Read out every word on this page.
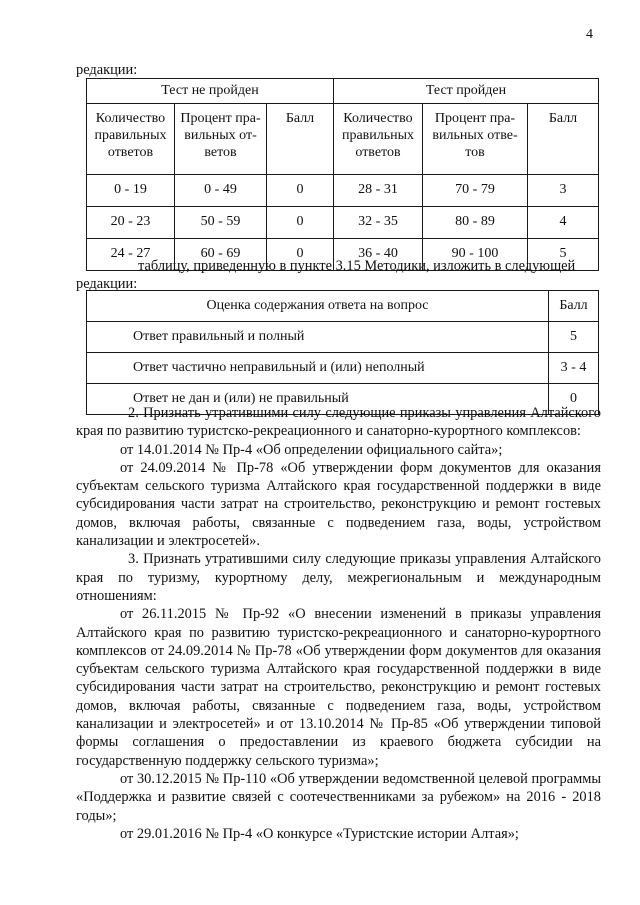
4
редакции:
Тест не пройден			Тест пройден		
Количество правильных ответов	Процент пра- вильных от- ветов	Балл	Количество правильных ответов	Процент пра- вильных отве- тов	Балл
0 - 19	0 - 49	0	28 - 31	70 - 79	3
20 - 23	50 - 59	0	32 - 35	80 - 89	4
24 - 27	60 - 69	0	36 - 40	90 - 100	5
таблицу, приведенную в пункте 3.15 Методики, изложить в следующей
редакции:
Оценка содержания ответа на вопрос	Балл
Ответ правильный и полный	5
Ответ частично неправильный и (или) неполный	3 - 4
Ответ не дан и (или) не правильный	0

2. Признать утратившими силу следующие приказы управления Алтайского края по развитию туристско-рекреационного и санаторно-курортного комплексов:

от 14.01.2014 № Пр-4 «Об определении официального сайта»;

от 24.09.2014 № Пр-78 «Об утверждении форм документов для оказания субъектам сельского туризма Алтайского края государственной поддержки в виде субсидирования части затрат на строительство, реконструкцию и ремонт гостевых домов, включая работы, связанные с подведением газа, воды, устройством канализации и электросетей».

3. Признать утратившими силу следующие приказы управления Алтайского края по туризму, курортному делу, межрегиональным и международным отношениям:

от 26.11.2015 № Пр-92 «О внесении изменений в приказы управления Алтайского края по развитию туристско-рекреационного и санаторно-курортного комплексов от 24.09.2014 № Пр-78 «Об утверждении форм документов для оказания субъектам сельского туризма Алтайского края государственной поддержки в виде субсидирования части затрат на строительство, реконструкцию и ремонт гостевых домов, включая работы, связанные с подведением газа, воды, устройством канализации и электросетей» и от 13.10.2014 № Пр-85 «Об утверждении типовой формы соглашения о предоставлении из краевого бюджета субсидии на государственную поддержку сельского туризма»;

от 30.12.2015 № Пр-110 «Об утверждении ведомственной целевой программы «Поддержка и развитие связей с соотечественниками за рубежом» на 2016 - 2018 годы»;

от 29.01.2016 № Пр-4 «О конкурсе «Туристские истории Алтая»;
